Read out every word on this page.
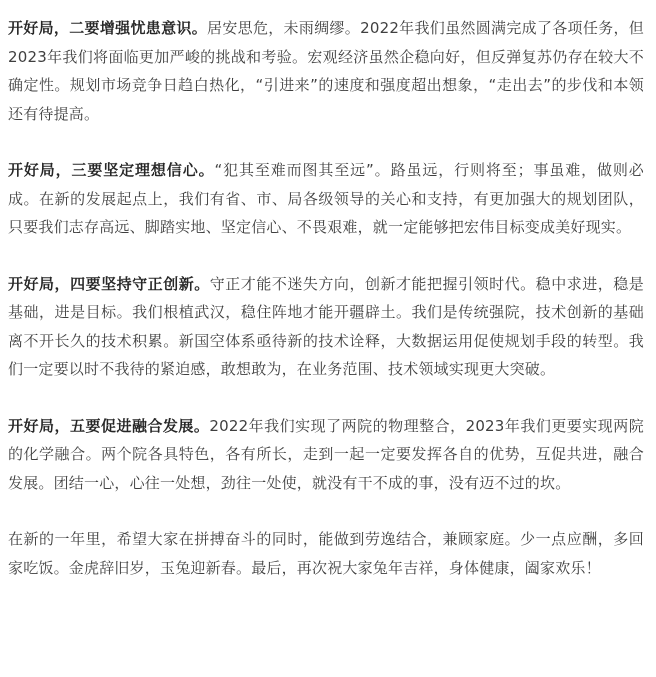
开好局，二要增强忧患意识。居安思危，未雨绸缪。2022年我们虽然圆满完成了各项任务，但2023年我们将面临更加严峻的挑战和考验。宏观经济虽然企稳向好，但反弹复苏仍存在较大不确定性。规划市场竞争日趋白热化，“引进来”的速度和强度超出想象，“走出去”的步伐和本领还有待提高。

开好局，三要坚定理想信心。“犯其至难而图其至远”。路虽远，行则将至；事虽难，做则必成。在新的发展起点上，我们有省、市、局各级领导的关心和支持，有更加强大的规划团队，只要我们志存高远、脚踏实地、坚定信心、不畏艰难，就一定能够把宏伟目标变成美好现实。

开好局，四要坚持守正创新。守正才能不迷失方向，创新才能把握引领时代。稳中求进，稳是基础，进是目标。我们根植武汉，稳住阵地才能开疆辟土。我们是传统强院，技术创新的基础离不开长久的技术积累。新国空体系亟待新的技术诠释，大数据运用促使规划手段的转型。我们一定要以时不我待的紧迫感，敢想敢为，在业务范围、技术领域实现更大突破。

开好局，五要促进融合发展。2022年我们实现了两院的物理整合，2023年我们更要实现两院的化学融合。两个院各具特色，各有所长，走到一起一定要发挥各自的优势，互促共进，融合发展。团结一心，心往一处想，劲往一处使，就没有干不成的事，没有迈不过的坎。

在新的一年里，希望大家在拼搏奋斗的同时，能做到劳逸结合，兼顾家庭。少一点应酬，多回家吃饭。金虎辞旧岁，玉兔迎新春。最后，再次祝大家兔年吉祥，身体健康，阖家欢乐！
